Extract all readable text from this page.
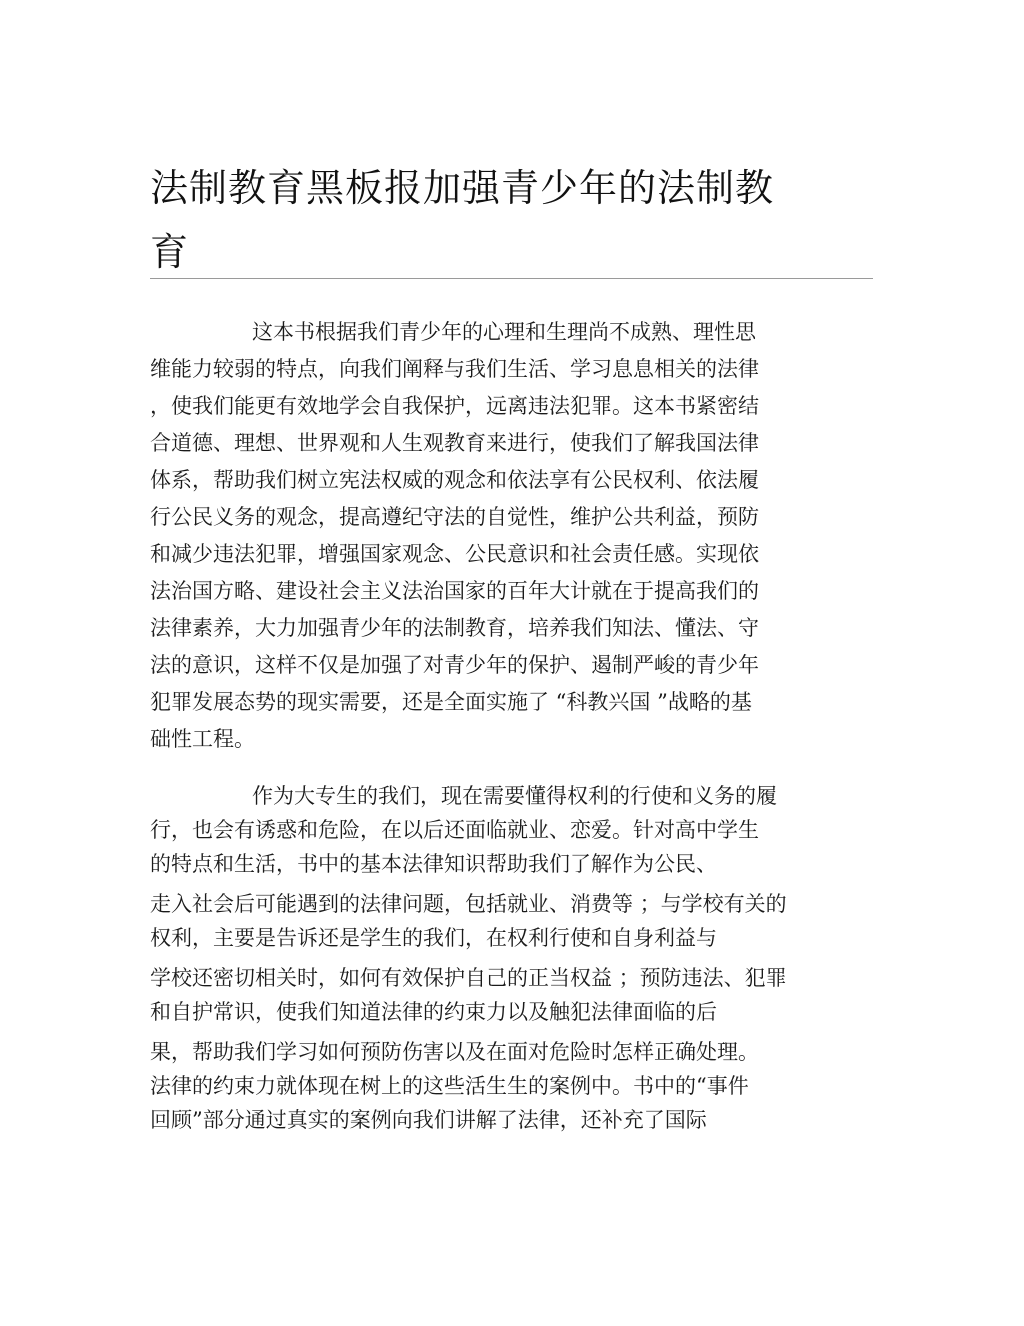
法制教育黑板报加强青少年的法制教
育

这本书根据我们青少年的心理和生理尚不成熟、理性思
维能力较弱的特点，向我们阐释与我们生活、学习息息相关的法律
，使我们能更有效地学会自我保护，远离违法犯罪。这本书紧密结
合道德、理想、世界观和人生观教育来进行，使我们了解我国法律
体系，帮助我们树立宪法权威的观念和依法享有公民权利、依法履
行公民义务的观念，提高遵纪守法的自觉性，维护公共利益，预防
和减少违法犯罪，增强国家观念、公民意识和社会责任感。实现依
法治国方略、建设社会主义法治国家的百年大计就在于提高我们的
法律素养，大力加强青少年的法制教育，培养我们知法、懂法、守
法的意识，这样不仅是加强了对青少年的保护、遏制严峻的青少年
犯罪发展态势的现实需要，还是全面实施了 “科教兴国 ”战略的基
础性工程。

作为大专生的我们，现在需要懂得权利的行使和义务的履
行，也会有诱惑和危险，在以后还面临就业、恋爱。针对高中学生
的特点和生活，书中的基本法律知识帮助我们了解作为公民、
走入社会后可能遇到的法律问题，包括就业、消费等 ；与学校有关的
权利，主要是告诉还是学生的我们，在权利行使和自身利益与
学校还密切相关时，如何有效保护自己的正当权益 ；预防违法、犯罪
和自护常识，使我们知道法律的约束力以及触犯法律面临的后
果，帮助我们学习如何预防伤害以及在面对危险时怎样正确处理。
法律的约束力就体现在树上的这些活生生的案例中。书中的“事件
回顾”部分通过真实的案例向我们讲解了法律，还补充了国际
